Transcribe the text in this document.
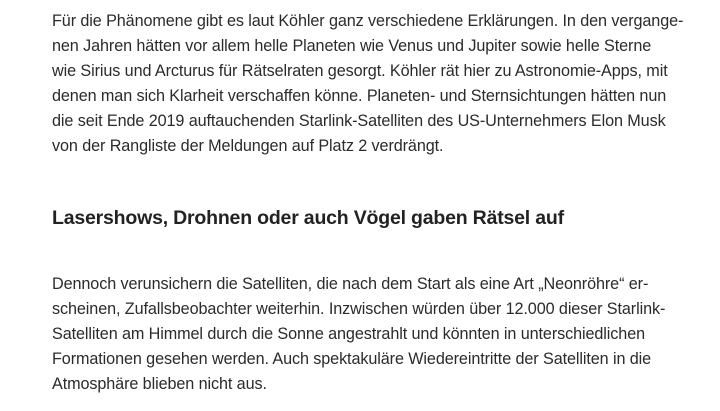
Für die Phänomene gibt es laut Köhler ganz verschiedene Erklärungen. In den vergange-
nen Jahren hätten vor allem helle Planeten wie Venus und Jupiter sowie helle Sterne
wie Sirius und Arcturus für Rätselraten gesorgt. Köhler rät hier zu Astronomie-Apps, mit
denen man sich Klarheit verschaffen könne. Planeten- und Sternsichtungen hätten nun
die seit Ende 2019 auftauchenden Starlink-Satelliten des US-Unternehmers Elon Musk
von der Rangliste der Meldungen auf Platz 2 verdrängt.

Lasershows, Drohnen oder auch Vögel gaben Rätsel auf

Dennoch verunsichern die Satelliten, die nach dem Start als eine Art „Neonröhre“ er-
scheinen, Zufallsbeobachter weiterhin. Inzwischen würden über 12.000 dieser Starlink-
Satelliten am Himmel durch die Sonne angestrahlt und könnten in unterschiedlichen
Formationen gesehen werden. Auch spektakuläre Wiedereintritte der Satelliten in die
Atmosphäre blieben nicht aus.
